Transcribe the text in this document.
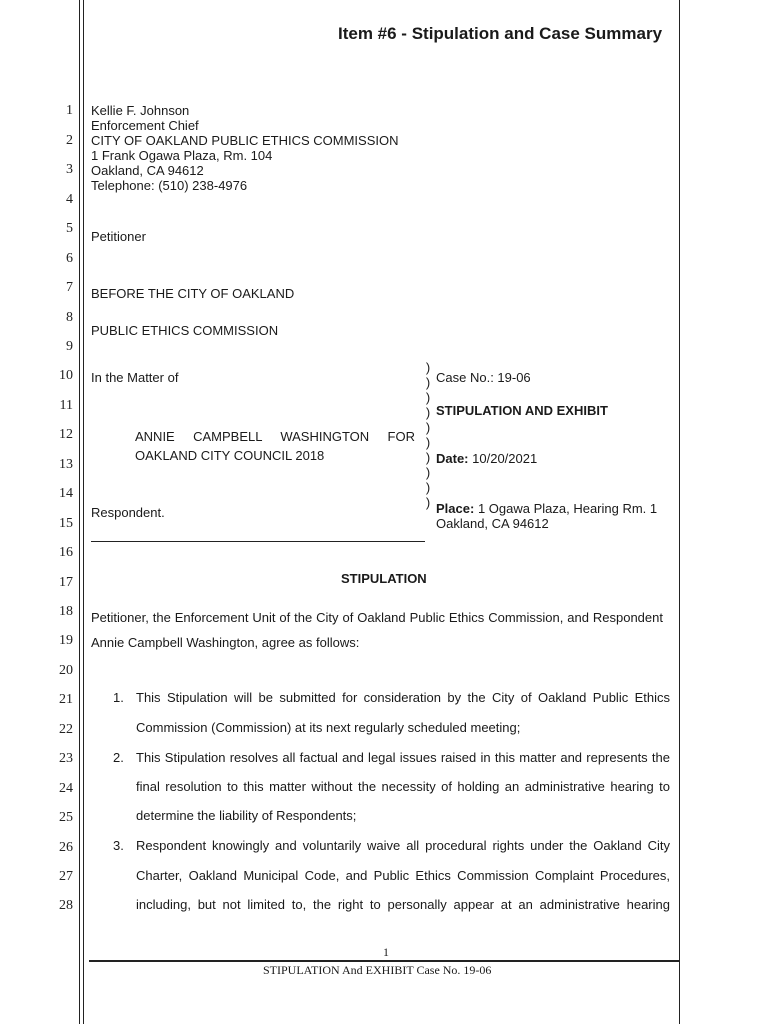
Item #6 - Stipulation and Case Summary
1
2
3
4
5
6
7
8
9
10
11
12
13
14
15
16
17
18
19
20
21
22
23
24
25
26
27
28
Kellie F. Johnson
Enforcement Chief
CITY OF OAKLAND PUBLIC ETHICS COMMISSION
1 Frank Ogawa Plaza, Rm. 104
Oakland, CA 94612
Telephone: (510) 238-4976
Petitioner
BEFORE THE CITY OF OAKLAND
PUBLIC ETHICS COMMISSION
In the Matter of
ANNIE CAMPBELL WASHINGTON FOR
OAKLAND CITY COUNCIL 2018
Respondent.
)
)
)
)
)
)
)
)
)
)
Case No.: 19-06
STIPULATION AND EXHIBIT
Date: 10/20/2021
Place: 1 Ogawa Plaza, Hearing Rm. 1
Oakland, CA 94612
STIPULATION
Petitioner, the Enforcement Unit of the City of Oakland Public Ethics Commission, and Respondent
Annie Campbell Washington, agree as follows:
1. This Stipulation will be submitted for consideration by the City of Oakland Public Ethics
Commission (Commission) at its next regularly scheduled meeting;
2. This Stipulation resolves all factual and legal issues raised in this matter and represents the
final resolution to this matter without the necessity of holding an administrative hearing to
determine the liability of Respondents;
3. Respondent knowingly and voluntarily waive all procedural rights under the Oakland City
Charter, Oakland Municipal Code, and Public Ethics Commission Complaint Procedures,
including, but not limited to, the right to personally appear at an administrative hearing
1
STIPULATION And EXHIBIT Case No. 19-06
